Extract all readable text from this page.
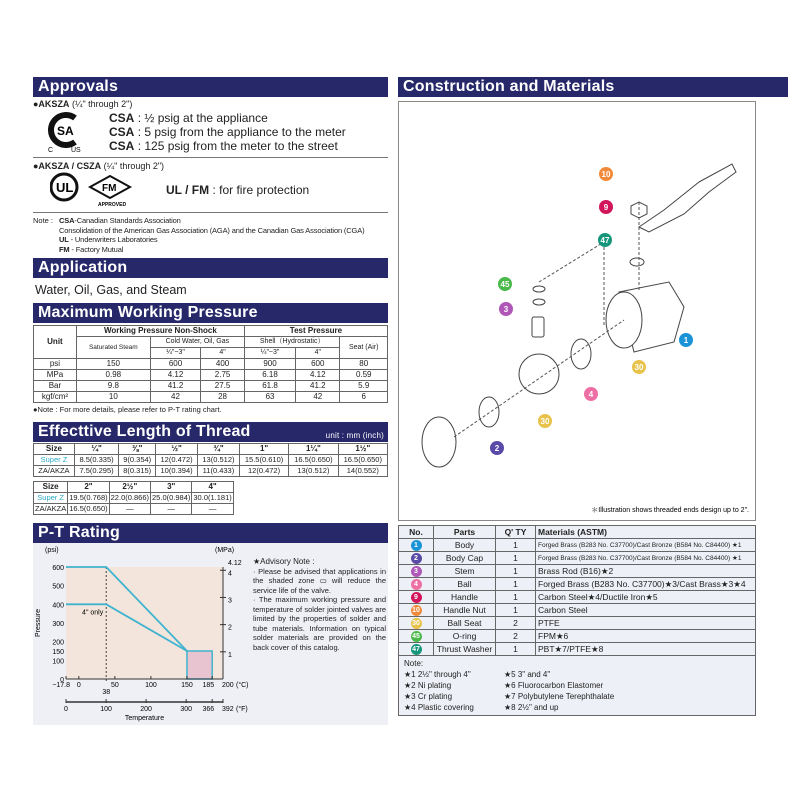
Approvals
●AKSZA (¼" through 2")
SA
C	US
CSA : ½ psig at the appliance
CSA : 5 psig from the appliance to the meter
CSA : 125 psig from the meter to the street
●AKSZA / CSZA (¼" through 2")
UL	FM
APPROVED
UL / FM : for fire protection
Note : CSA-Canadian Standards Association
Consolidation of the American Gas Association (AGA) and the Canadian Gas Association (CGA)
UL - Underwriters Laboratories
FM - Factory Mutual
Application
Water, Oil, Gas, and Steam
Maximum Working Pressure
Unit	Working Pressure Non-Shock			Test Pressure		
	Saturated Steam	Cold Water, Oil, Gas		Shell（Hydrostatic）		Seat (Air)
		¼"~3"	4"	¼"~3"	4"	
psi	150	600	400	900	600	80
MPa	0.98	4.12	2.75	6.18	4.12	0.59
Bar	9.8	41.2	27.5	61.8	41.2	5.9
kgf/cm²	10	42	28	63	42	6
●Note : For more details, please refer to P-T rating chart.
Effecttive Length of Thread	unit : mm (inch)
Size	¼"	⅜"	½"	¾"	1"	1¼"	1½"
Super Z	8.5(0.335)	9(0.354)	12(0.472)	13(0.512)	15.5(0.610)	16.5(0.650)	16.5(0.650)
ZA/AKZA	7.5(0.295)	8(0.315)	10(0.394)	11(0.433)	12(0.472)	13(0.512)	14(0.552)
Size	2"	2½"	3"	4"
Super Z	19.5(0.768)	22.0(0.866)	25.0(0.984)	30.0(1.181)
ZA/AKZA	16.5(0.650)	—	—	—
P-T Rating
4" only
(psi)	(MPa)
4.12
Pressure
0
100
150
200
300
400
500
600
1
2
3
4
−17.8 0	50	100	150 185 200 (°C)
38
0	100	200	300 366 392 (°F)
Temperature
★Advisory Note :
· Please be advised that applications in the shaded zone ▭ will reduce the service life of the valve.
· The maximum working pressure and temperature of solder jointed valves are limited by the properties of solder and tube materials. Information on typical solder materials are provided on the back cover of this catalog.
Construction and Materials
10
9
47
45
3
1
30
4
30
2
＊Illustration shows threaded ends design up to 2".
No.	Parts	Q' TY	Materials (ASTM)
1	Body	1	Forged Brass (B283 No. C37700)/Cast Bronze (B584 No. C84400) ★1
2	Body Cap	1	Forged Brass (B283 No. C37700)/Cast Bronze (B584 No. C84400) ★1
3	Stem	1	Brass Rod (B16)★2
4	Ball	1	Forged Brass (B283 No. C37700)★3/Cast Brass★3★4
9	Handle	1	Carbon Steel★4/Ductile Iron★5
10	Handle Nut	1	Carbon Steel
30	Ball Seat	2	PTFE
45	O-ring	2	FPM★6
47	Thrust Washer	1	PBT★7/PTFE★8
Note:
★1 2½" through 4"
★2 Ni plating
★3 Cr plating
★4 Plastic covering
★5 3" and 4"
★6 Fluorocarbon Elastomer
★7 Polybutylene Terephthalate
★8 2½" and up
